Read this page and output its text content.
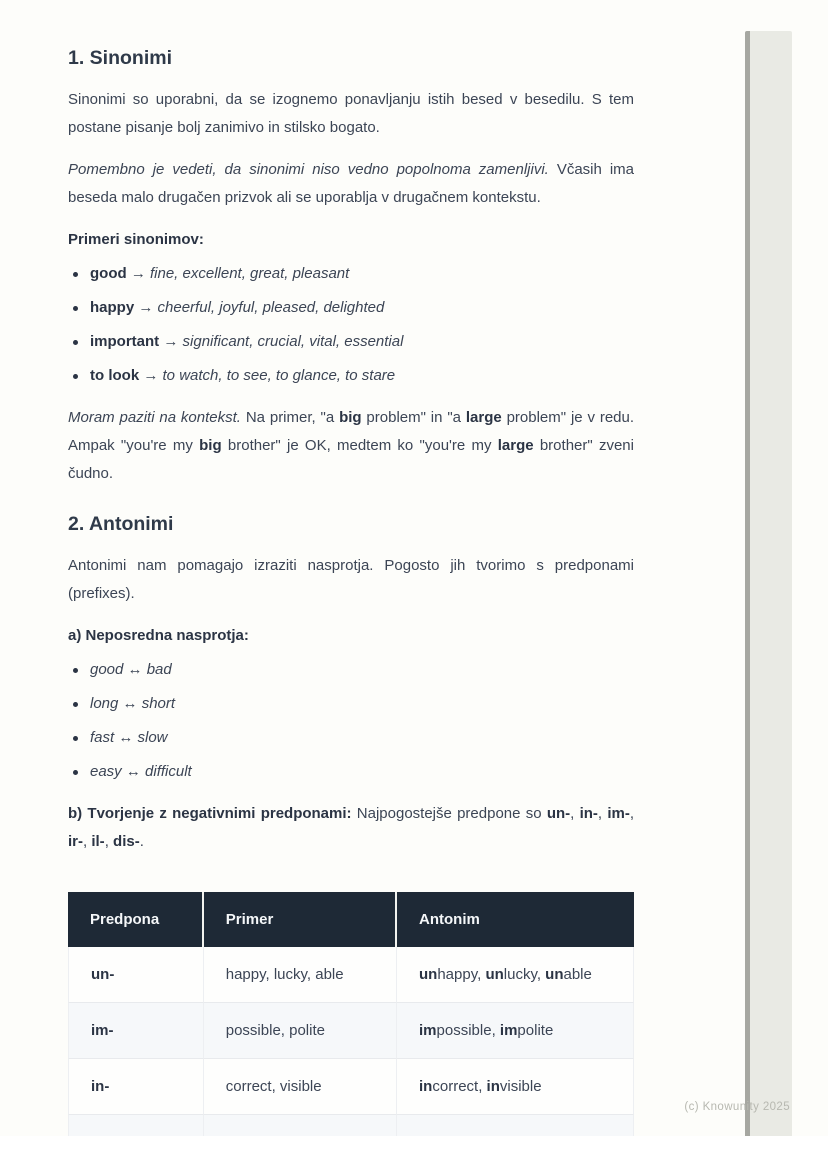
1. Sinonimi

Sinonimi so uporabni, da se izognemo ponavljanju istih besed v besedilu. S tem postane pisanje bolj zanimivo in stilsko bogato.

Pomembno je vedeti, da sinonimi niso vedno popolnoma zamenljivi. Včasih ima beseda malo drugačen prizvok ali se uporablja v drugačnem kontekstu.

Primeri sinonimov:

good → fine, excellent, great, pleasant
happy → cheerful, joyful, pleased, delighted
important → significant, crucial, vital, essential
to look → to watch, to see, to glance, to stare

Moram paziti na kontekst. Na primer, "a big problem" in "a large problem" je v redu. Ampak "you're my big brother" je OK, medtem ko "you're my large brother" zveni čudno.

2. Antonimi

Antonimi nam pomagajo izraziti nasprotja. Pogosto jih tvorimo s predponami (prefixes).

a) Neposredna nasprotja:

good ↔ bad
long ↔ short
fast ↔ slow
easy ↔ difficult

b) Tvorjenje z negativnimi predponami: Najpogostejše predpone so un-, in-, im-, ir-, il-, dis-.

Predpona	Primer	Antonim
un-	happy, lucky, able	unhappy, unlucky, unable
im-	possible, polite	impossible, impolite
in-	correct, visible	incorrect, invisible

(c) Knowunity 2025
